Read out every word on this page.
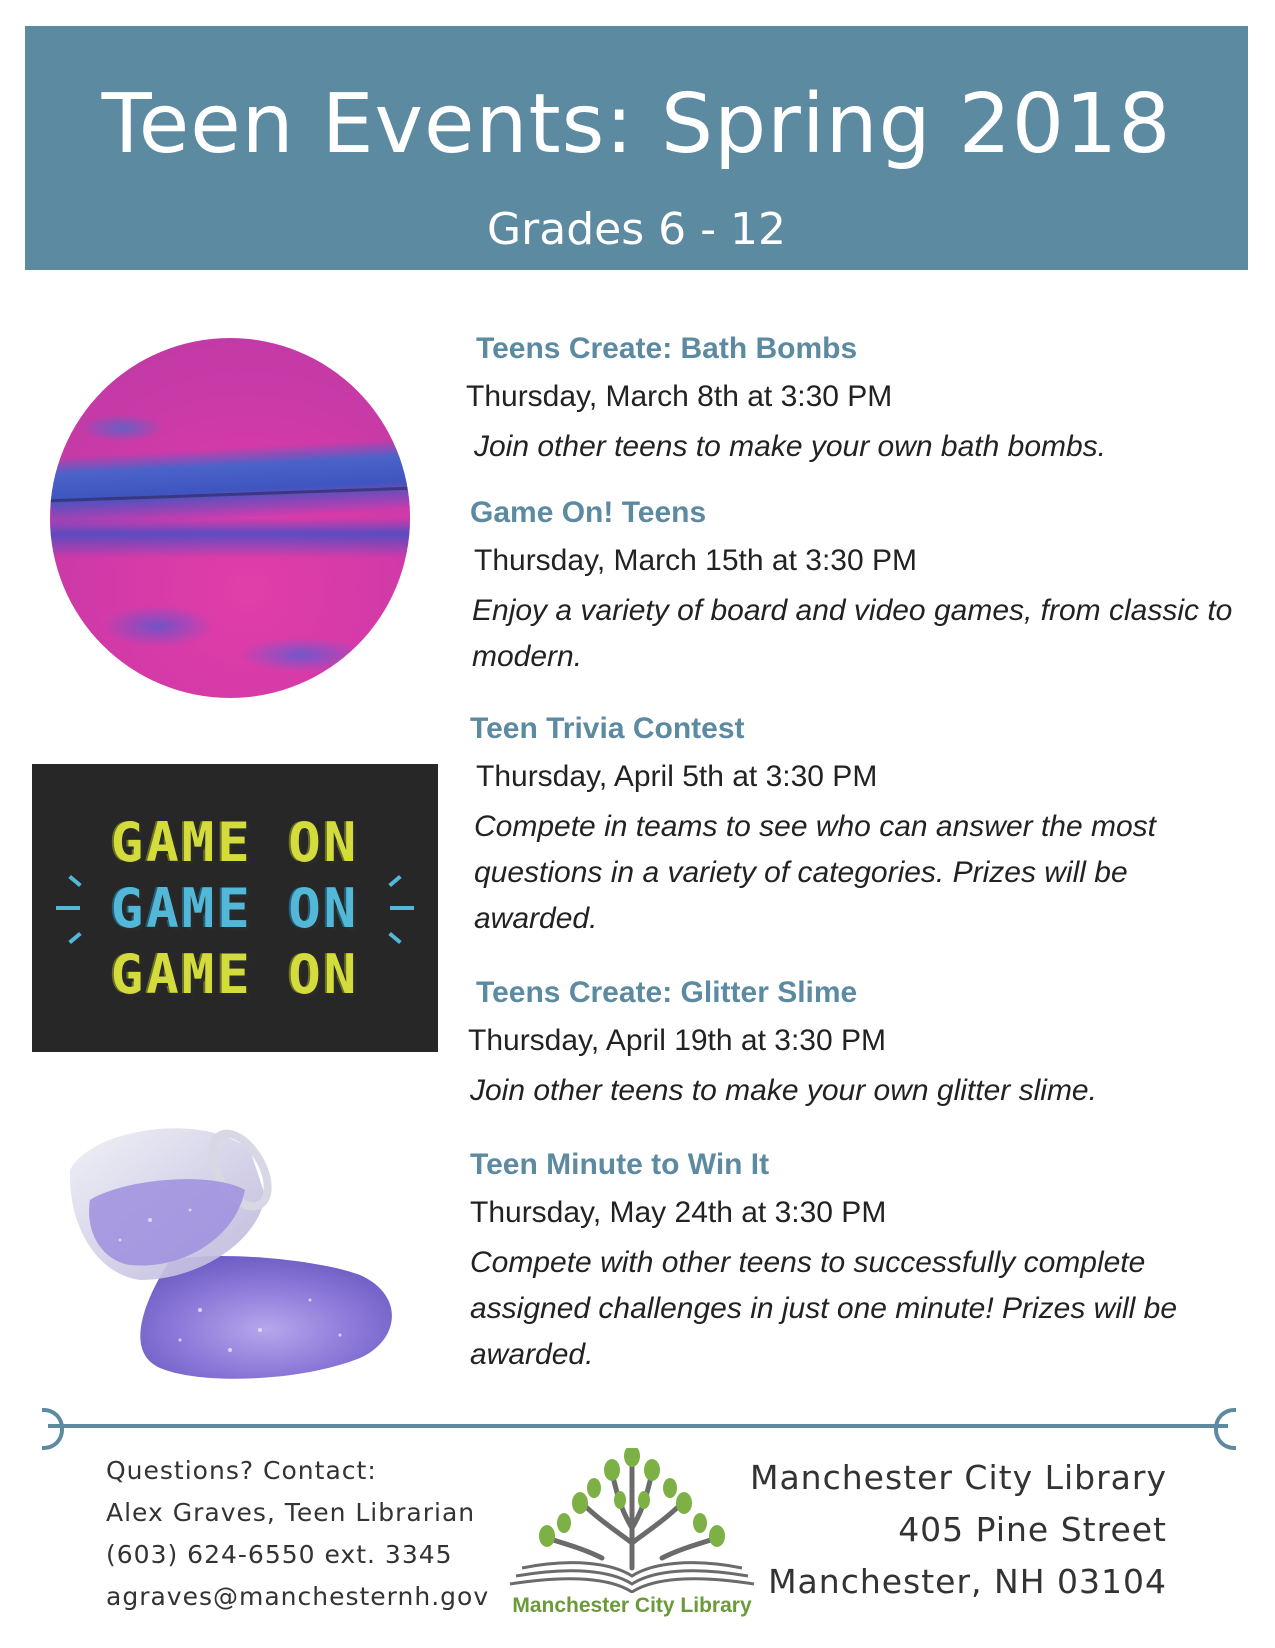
Teen Events: Spring 2018
Grades 6 - 12
GAME ON
GAME ON
GAME ON
Teens Create: Bath Bombs
Thursday, March 8th at 3:30 PM
Join other teens to make your own bath bombs.
Game On! Teens
Thursday, March 15th at 3:30 PM
Enjoy a variety of board and video games, from classic to modern.
Teen Trivia Contest
Thursday, April 5th at 3:30 PM
Compete in teams to see who can answer the most questions in a variety of categories. Prizes will be awarded.
Teens Create: Glitter Slime
Thursday, April 19th at 3:30 PM
Join other teens to make your own glitter slime.
Teen Minute to Win It
Thursday, May 24th at 3:30 PM
Compete with other teens to successfully complete assigned challenges in just one minute! Prizes will be awarded.
Questions? Contact:
Alex Graves, Teen Librarian
(603) 624-6550 ext. 3345
agraves@manchesternh.gov	Manchester City Library
Manchester City Library
405 Pine Street
Manchester, NH 03104
